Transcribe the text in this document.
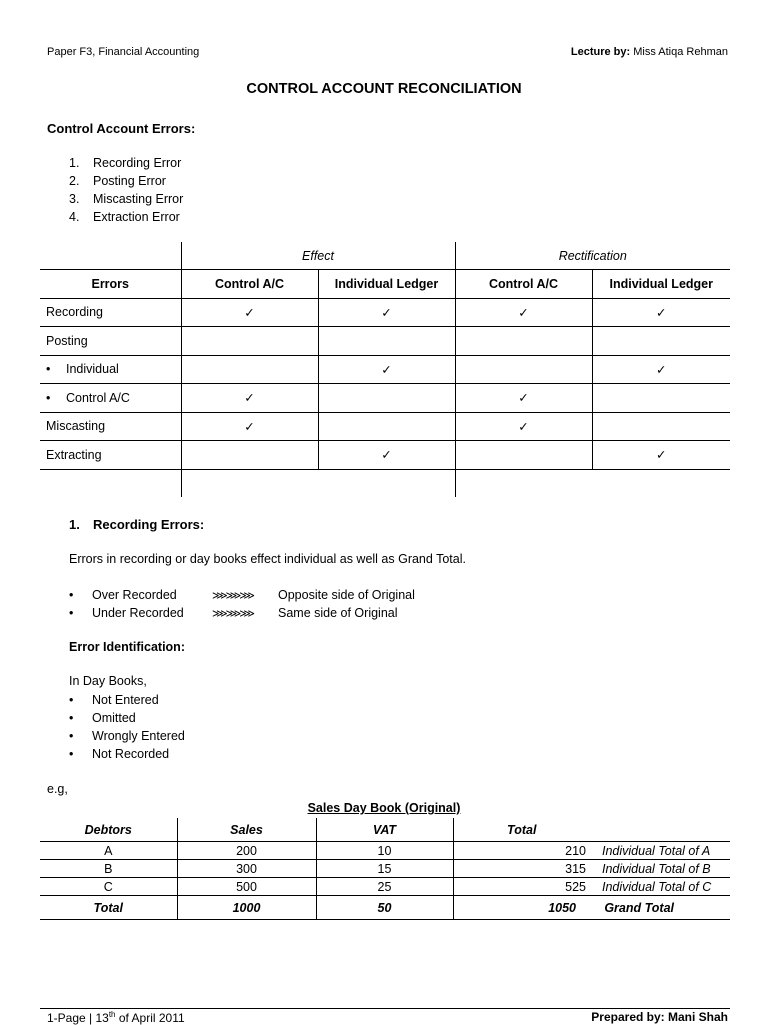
Paper F3, Financial Accounting	Lecture by: Miss Atiqa Rehman
CONTROL ACCOUNT RECONCILIATION
Control Account Errors:
1. Recording Error
2. Posting Error
3. Miscasting Error
4. Extraction Error
	Effect		Rectification	
Errors	Control A/C	Individual Ledger	Control A/C	Individual Ledger
Recording	✓	✓	✓	✓
Posting				
• Individual		✓		✓
• Control A/C	✓		✓	
Miscasting	✓		✓	
Extracting		✓		✓

1. Recording Errors:
Errors in recording or day books effect individual as well as Grand Total.
• Over Recorded	⋙⋙⋙ Opposite side of Original
• Under Recorded	⋙⋙⋙ Same side of Original
Error Identification:
In Day Books,
• Not Entered
• Omitted
• Wrongly Entered
• Not Recorded
e.g,
Sales Day Book (Original)
Debtors	Sales	VAT	Total	
A	200	10	210	Individual Total of A
B	300	15	315	Individual Total of B
C	500	25	525	Individual Total of C
Total	1000	50	1050	Grand Total
1-Page | 13th of April 2011	Prepared by: Mani Shah
